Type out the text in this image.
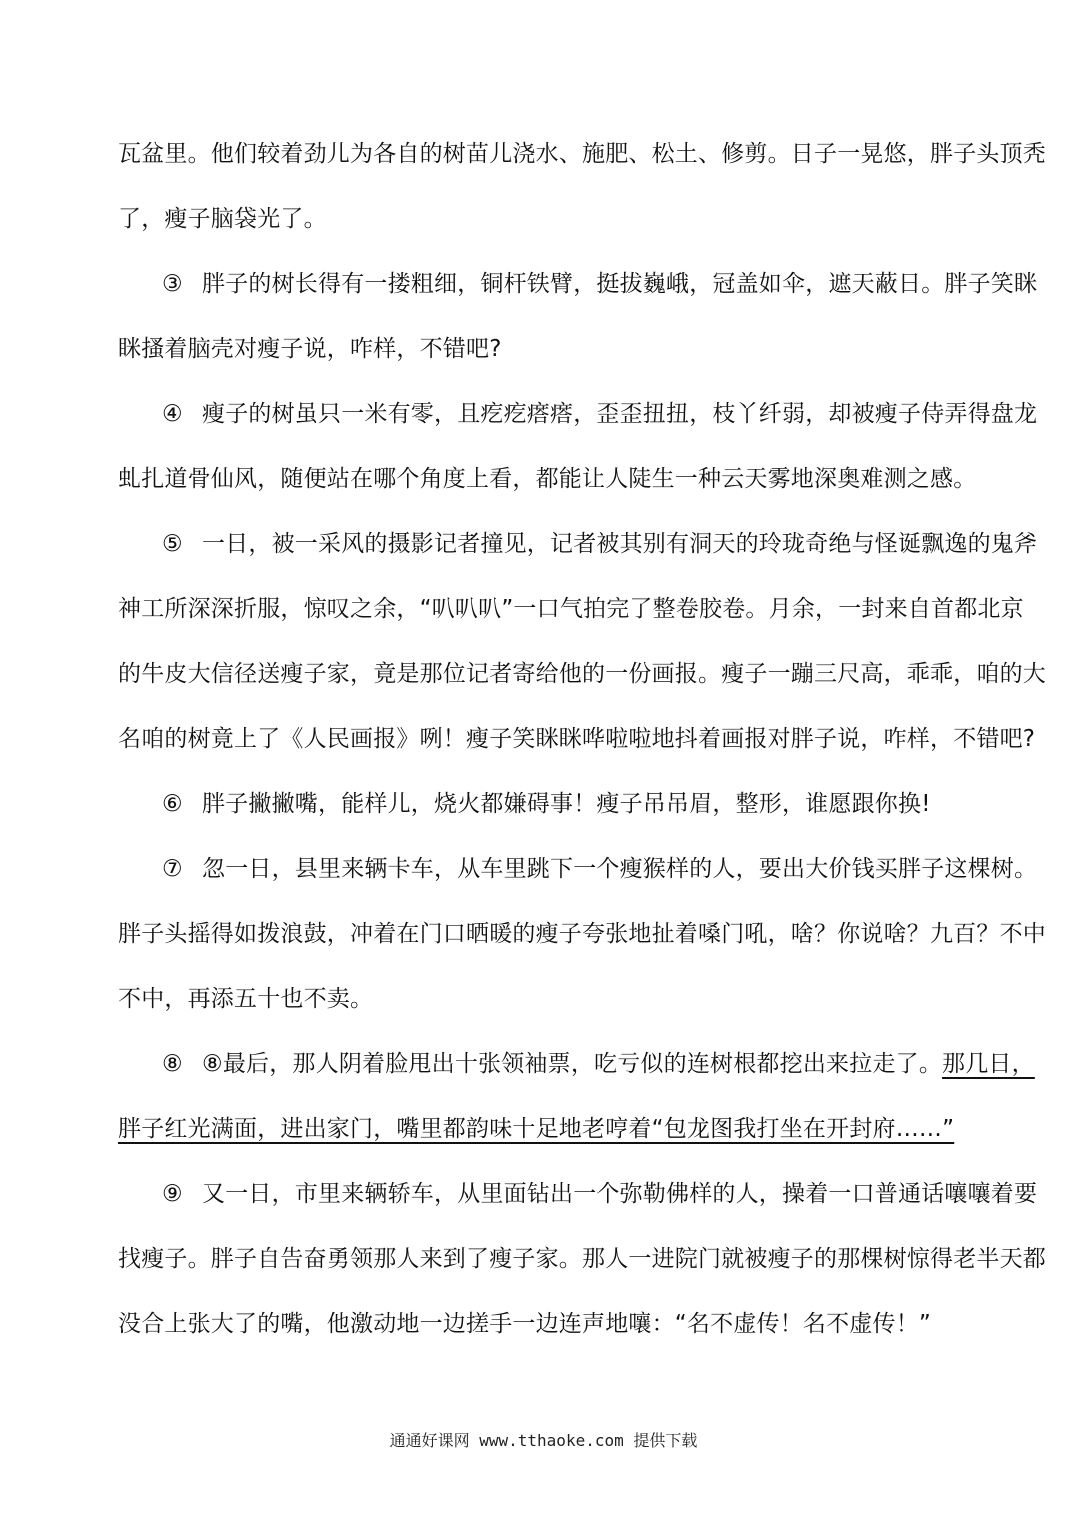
瓦盆里。他们较着劲儿为各自的树苗儿浇水、施肥、松土、修剪。日子一晃悠，胖子头顶秃
了，瘦子脑袋光了。
③ 胖子的树长得有一搂粗细，铜杆铁臂，挺拔巍峨，冠盖如伞，遮天蔽日。胖子笑眯
眯搔着脑壳对瘦子说，咋样，不错吧?
④ 瘦子的树虽只一米有零，且疙疙瘩瘩，歪歪扭扭，枝丫纤弱，却被瘦子侍弄得盘龙
虬扎道骨仙风，随便站在哪个角度上看，都能让人陡生一种云天雾地深奥难测之感。
⑤ 一日，被一采风的摄影记者撞见，记者被其别有洞天的玲珑奇绝与怪诞飘逸的鬼斧
神工所深深折服，惊叹之余，“叭叭叭”一口气拍完了整卷胶卷。月余，一封来自首都北京
的牛皮大信径送瘦子家，竟是那位记者寄给他的一份画报。瘦子一蹦三尺高，乖乖，咱的大
名咱的树竟上了《人民画报》咧！瘦子笑眯眯哗啦啦地抖着画报对胖子说，咋样，不错吧?
⑥ 胖子撇撇嘴，能样儿，烧火都嫌碍事！瘦子吊吊眉，整形，谁愿跟你换!
⑦ 忽一日，县里来辆卡车，从车里跳下一个瘦猴样的人，要出大价钱买胖子这棵树。
胖子头摇得如拨浪鼓，冲着在门口晒暖的瘦子夸张地扯着嗓门吼，啥？你说啥？九百？不中
不中，再添五十也不卖。
⑧ ⑧最后，那人阴着脸甩出十张领袖票，吃亏似的连树根都挖出来拉走了。那几日，
胖子红光满面，进出家门，嘴里都韵味十足地老哼着“包龙图我打坐在开封府……”
⑨ 又一日，市里来辆轿车，从里面钻出一个弥勒佛样的人，操着一口普通话嚷嚷着要
找瘦子。胖子自告奋勇领那人来到了瘦子家。那人一进院门就被瘦子的那棵树惊得老半天都
没合上张大了的嘴，他激动地一边搓手一边连声地嚷：“名不虚传！名不虚传！”
通通好课网 www.tthaoke.com 提供下载
